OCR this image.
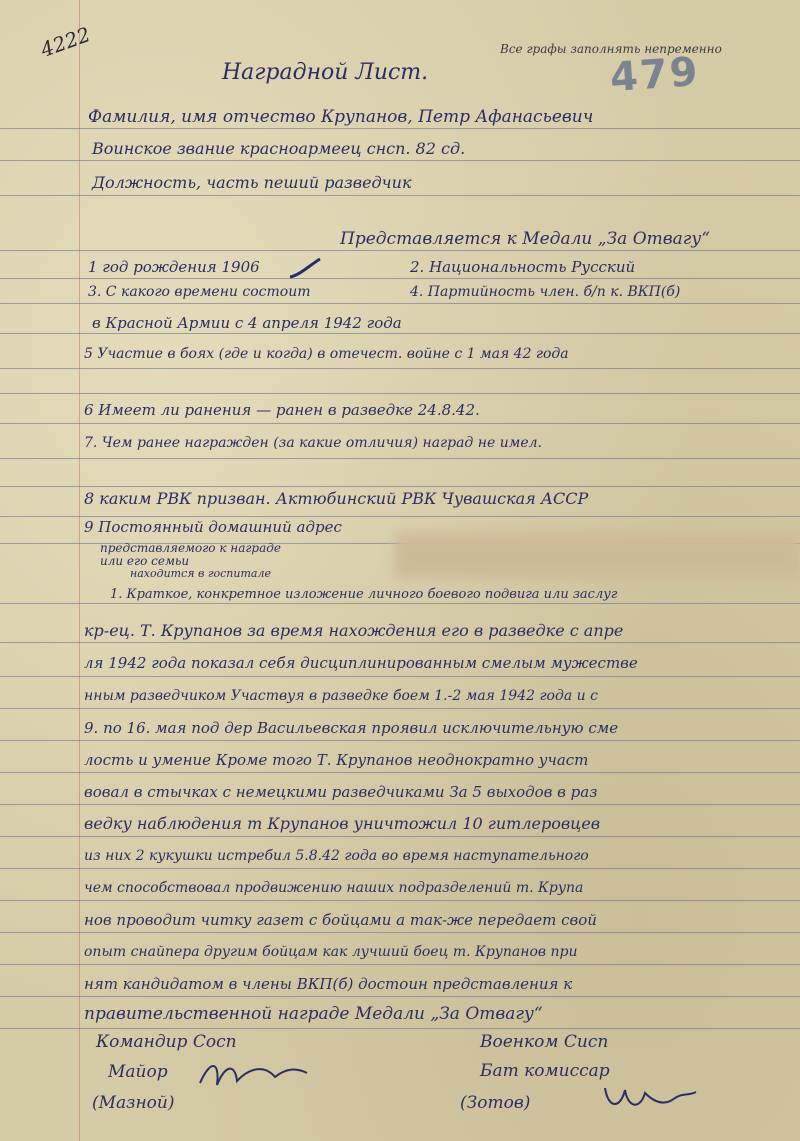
4222	Все графы заполнять непременно
479
Наградной Лист.
Фамилия, имя отчество Крупанов, Петр Афанасьевич
Воинское звание красноармеец снсп. 82 сд.
Должность, часть пеший разведчик
Представляется к Медали „За Отвагу“
1 год рождения 1906	2. Национальность Русский
3. С какого времени состоит	4. Партийность член. б/п к. ВКП(б)
в Красной Армии с 4 апреля 1942 года
5 Участие в боях (где и когда) в отечест. войне с 1 мая 42 года
6 Имеет ли ранения — ранен в разведке 24.8.42.
7. Чем ранее награжден (за какие отличия) наград не имел.
8 каким РВК призван. Актюбинский РВК Чувашская АССР
9 Постоянный домашний адрес
представляемого к награде
или его семьи
находится в госпитале
1. Краткое, конкретное изложение личного боевого подвига или заслуг
кр-ец. Т. Крупанов за время нахождения его в разведке с апре
ля 1942 года показал себя дисциплинированным смелым мужестве
нным разведчиком Участвуя в разведке боем 1.-2 мая 1942 года и с
9. по 16. мая под дер Васильевская проявил исключительную сме
лость и умение Кроме того Т. Крупанов неоднократно участ
вовал в стычках с немецкими разведчиками За 5 выходов в раз
ведку наблюдения т Крупанов уничтожил 10 гитлеровцев
из них 2 кукушки истребил 5.8.42 года во время наступательного
чем способствовал продвижению наших подразделений т. Крупа
нов проводит читку газет с бойцами а так-же передает свой
опыт снайпера другим бойцам как лучший боец т. Крупанов при
нят кандидатом в члены ВКП(б) достоин представления к
правительственной награде Медали „За Отвагу“
Командир Сосп
Майор
(Мазной)
Военком Сисп
Бат комиссар
(Зотов)
